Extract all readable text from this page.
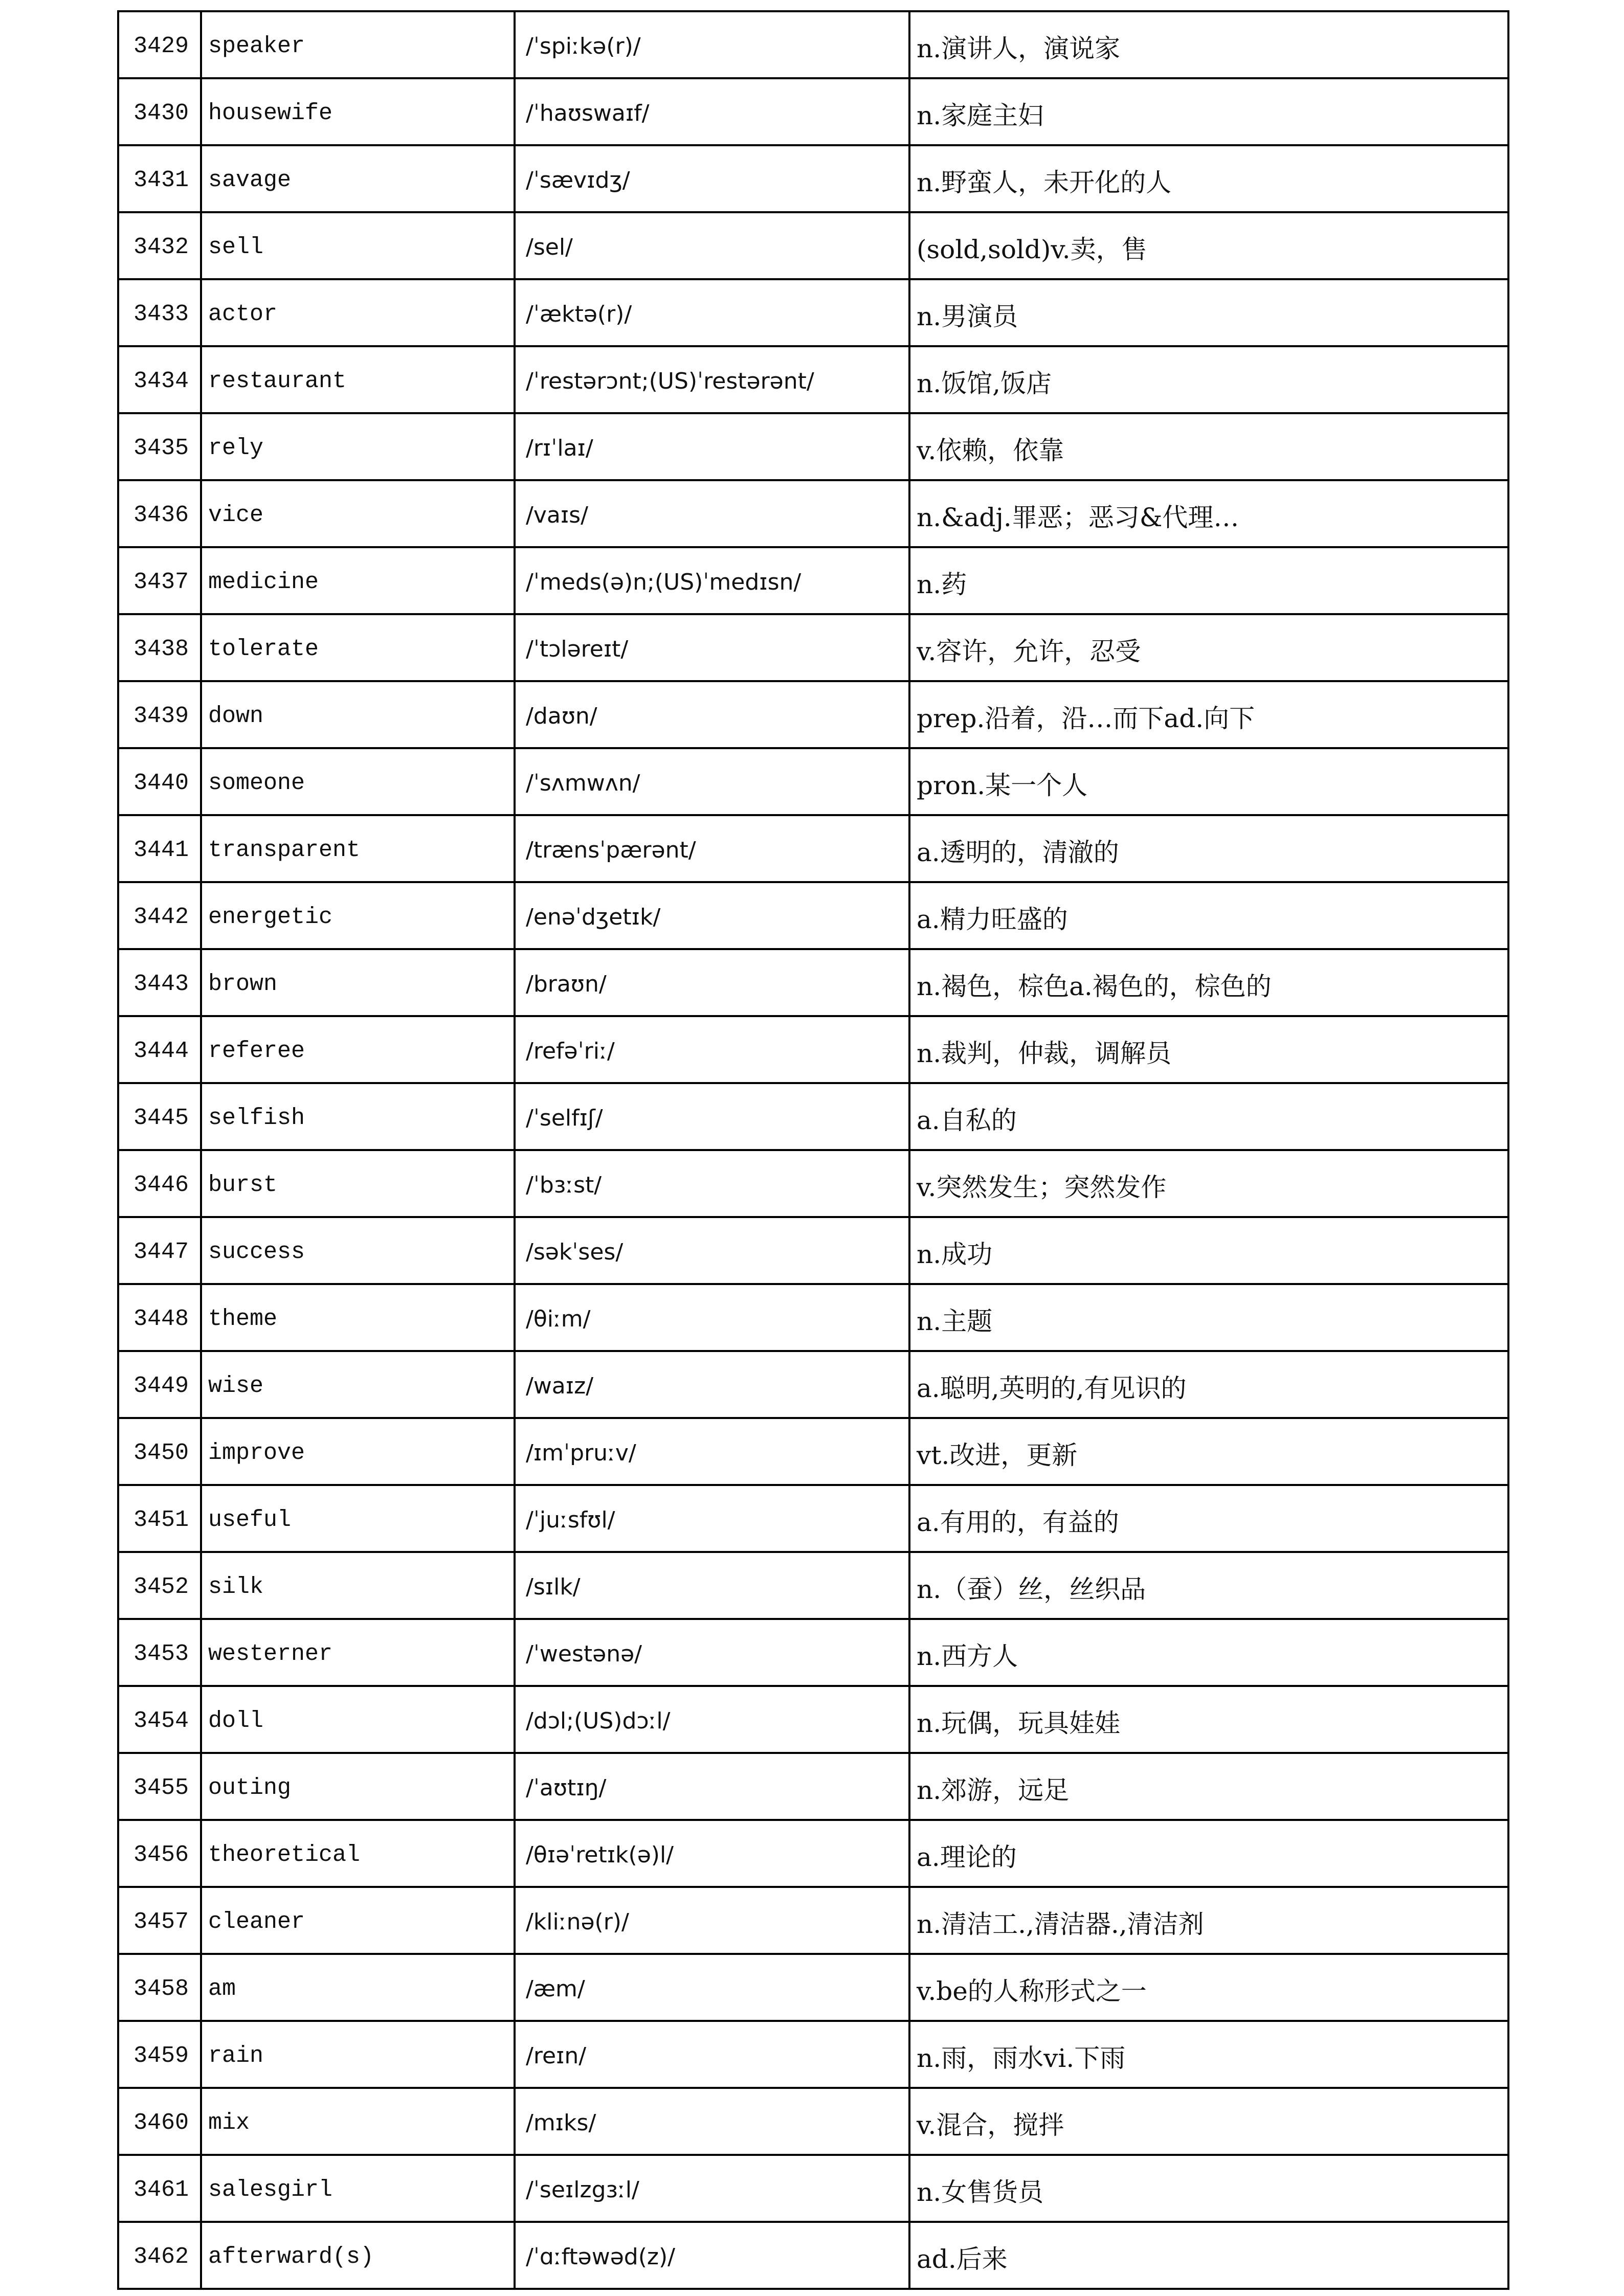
3429 speaker	/ˈspiːkə(r)/	n.演讲人，演说家
3430 housewife	/ˈhaʊswaɪf/	n.家庭主妇
3431 savage	/ˈsævɪdʒ/	n.野蛮人，未开化的人
3432 sell	/sel/	(sold,sold)v.卖，售
3433 actor	/ˈæktə(r)/	n.男演员
3434 restaurant	/ˈrestərɔnt;(US)ˈrestərənt/	n.饭馆,饭店
3435 rely	/rɪˈlaɪ/	v.依赖，依靠
3436 vice	/vaɪs/	n.&adj.罪恶；恶习&代理…
3437 medicine	/ˈmeds(ə)n;(US)ˈmedɪsn/	n.药
3438 tolerate	/ˈtɔləreɪt/	v.容许，允许，忍受
3439 down	/daʊn/	prep.沿着，沿…而下ad.向下
3440 someone	/ˈsʌmwʌn/	pron.某一个人
3441 transparent	/trænsˈpærənt/	a.透明的，清澈的
3442 energetic	/enəˈdʒetɪk/	a.精力旺盛的
3443 brown	/braʊn/	n.褐色，棕色a.褐色的，棕色的
3444 referee	/refəˈriː/	n.裁判，仲裁，调解员
3445 selfish	/ˈselfɪʃ/	a.自私的
3446 burst	/ˈbɜːst/	v.突然发生；突然发作
3447 success	/səkˈses/	n.成功
3448 theme	/θiːm/	n.主题
3449 wise	/waɪz/	a.聪明,英明的,有见识的
3450 improve	/ɪmˈpruːv/	vt.改进，更新
3451 useful	/ˈjuːsfʊl/	a.有用的，有益的
3452 silk	/sɪlk/	n.（蚕）丝，丝织品
3453 westerner	/ˈwestənə/	n.西方人
3454 doll	/dɔl;(US)dɔːl/	n.玩偶，玩具娃娃
3455 outing	/ˈaʊtɪŋ/	n.郊游，远足
3456 theoretical	/θɪəˈretɪk(ə)l/	a.理论的
3457 cleaner	/kliːnə(r)/	n.清洁工.,清洁器.,清洁剂
3458 am	/æm/	v.be的人称形式之一
3459 rain	/reɪn/	n.雨，雨水vi.下雨
3460 mix	/mɪks/	v.混合，搅拌
3461 salesgirl	/ˈseɪlzgɜːl/	n.女售货员
3462 afterward(s)	/ˈɑːftəwəd(z)/	ad.后来
